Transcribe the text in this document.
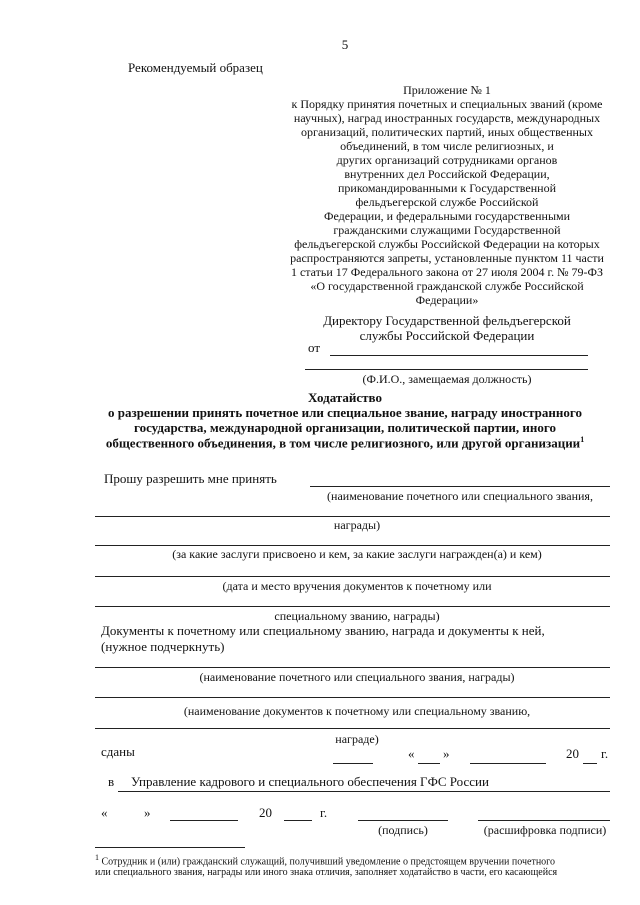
5
Рекомендуемый образец
Приложение № 1
к Порядку принятия почетных и специальных званий (кроме
научных), наград иностранных государств, международных
организаций, политических партий, иных общественных
объединений, в том числе религиозных, и
других организаций сотрудниками органов
внутренних дел Российской Федерации,
прикомандированными к Государственной
фельдъегерской службе Российской
Федерации, и федеральными государственными
гражданскими служащими Государственной
фельдъегерской службы Российской Федерации на которых
распространяются запреты, установленные пунктом 11 части
1 статьи 17 Федерального закона от 27 июля 2004 г. № 79-ФЗ
«О государственной гражданской службе Российской
Федерации»
Директору Государственной фельдъегерской
службы Российской Федерации
от
(Ф.И.О., замещаемая должность)
Ходатайство
о разрешении принять почетное или специальное звание, награду иностранного
государства, международной организации, политической партии, иного
общественного объединения, в том числе религиозного, или другой организации$^1$
Прошу разрешить мне принять
(наименование почетного или специального звания,
награды)
(за какие заслуги присвоено и кем, за какие заслуги награжден(а) и кем)
(дата и место вручения документов к почетному или
специальному званию, награды)
Документы к почетному или специальному званию, награда и документы к ней,
(нужное подчеркнуть)
(наименование почетного или специального звания, награды)
(наименование документов к почетному или специальному званию,
награде)
сданы	« »	20 г.
в Управление кадрового и специального обеспечения ГФС России
«	»	20	г.
(подпись)	(расшифровка подписи)
$^1$ Сотрудник и (или) гражданский служащий, получивший уведомление о предстоящем вручении почетного
или специального звания, награды или иного знака отличия, заполняет ходатайство в части, его касающейся
